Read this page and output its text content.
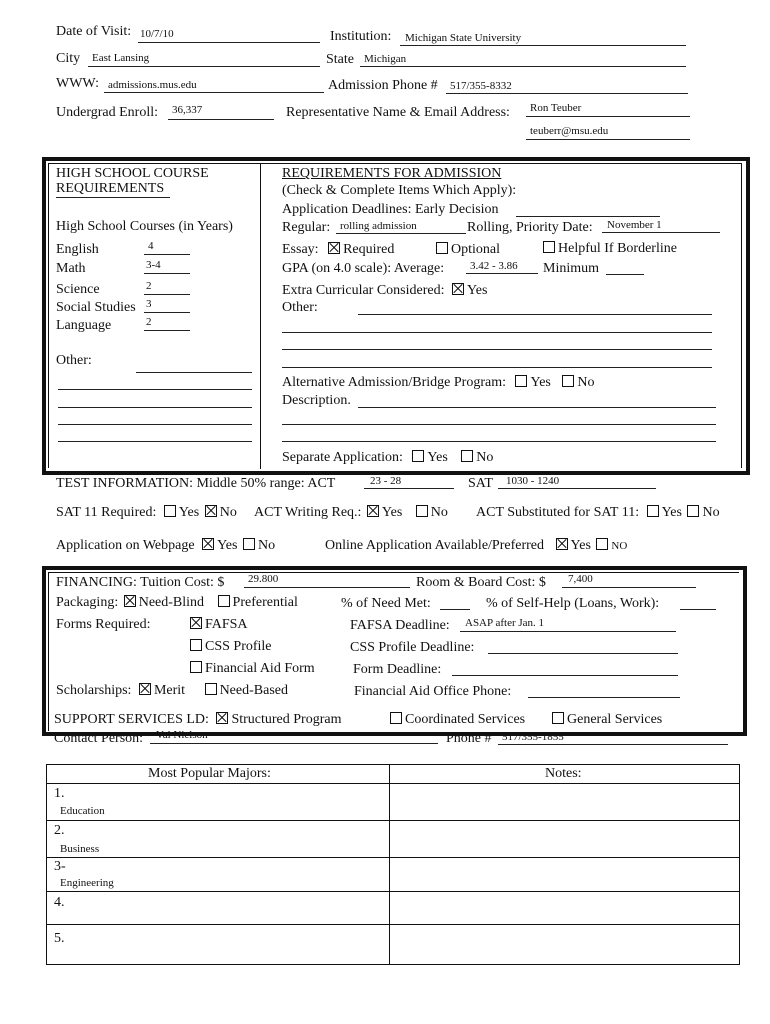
Date of Visit: 10/7/10	Institution: Michigan State University
City East Lansing	State Michigan
WWW: admissions.mus.edu	Admission Phone # 517/355-8332
Undergrad Enroll: 36,337	Representative Name & Email Address: Ron Teuber
teuberr@msu.edu
HIGH SCHOOL COURSE
REQUIREMENTS
High School Courses (in Years)
English	4
Math	3-4
Science	2
Social Studies 3
Language	2
Other:
REQUIREMENTS FOR ADMISSION
(Check & Complete Items Which Apply):
Application Deadlines: Early Decision
Regular: rolling admission	Rolling, Priority Date: November 1
Essay: Required	Optional	Helpful If Borderline
GPA (on 4.0 scale): Average: 3.42 - 3.86 Minimum
Extra Curricular Considered: Yes
Other:
Alternative Admission/Bridge Program: Yes No
Description.
Separate Application: Yes No
TEST INFORMATION: Middle 50% range: ACT	23 - 28	SAT 1030 - 1240
SAT 11 Required: Yes No ACT Writing Req.: Yes No ACT Substituted for SAT 11: Yes No
Application on Webpage Yes No	Online Application Available/Preferred Yes NO
FINANCING: Tuition Cost: $ 29.800	Room & Board Cost: $ 7,400
Packaging: Need-Blind Preferential	% of Need Met:	% of Self-Help (Loans, Work):
Forms Required:	FAFSA
CSS Profile
Financial Aid Form
FAFSA Deadline: ASAP after Jan. 1
CSS Profile Deadline:
Form Deadline:
Scholarships: Merit Need-Based	Financial Aid Office Phone:
SUPPORT SERVICES LD: Structured Program	Coordinated Services	General Services
Contact Person: Val Nielson	Phone # 517/355-1855
Most Popular Majors:	Notes:
1.
Education
2.
Business
3-
Engineering
4.
5.
